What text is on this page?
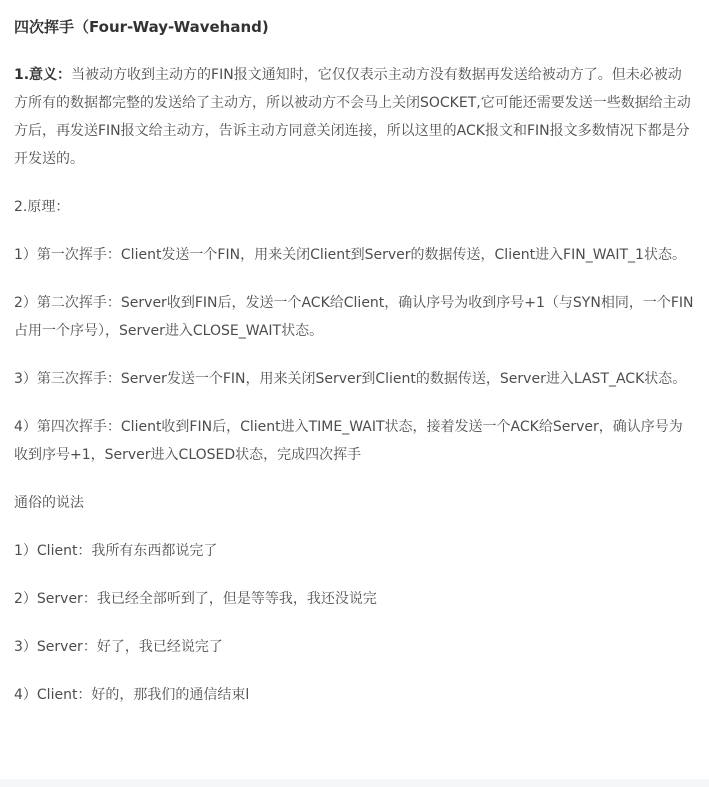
四次挥手（Four-Way-Wavehand)

1.意义：当被动方收到主动方的FIN报文通知时，它仅仅表示主动方没有数据再发送给被动方了。但未必被动方所有的数据都完整的发送给了主动方，所以被动方不会马上关闭SOCKET,它可能还需要发送一些数据给主动方后，再发送FIN报文给主动方，告诉主动方同意关闭连接，所以这里的ACK报文和FIN报文多数情况下都是分开发送的。

2.原理：

1）第一次挥手：Client发送一个FIN，用来关闭Client到Server的数据传送，Client进入FIN_WAIT_1状态。

2）第二次挥手：Server收到FIN后，发送一个ACK给Client，确认序号为收到序号+1（与SYN相同，一个FIN占用一个序号），Server进入CLOSE_WAIT状态。

3）第三次挥手：Server发送一个FIN，用来关闭Server到Client的数据传送，Server进入LAST_ACK状态。

4）第四次挥手：Client收到FIN后，Client进入TIME_WAIT状态，接着发送一个ACK给Server，确认序号为收到序号+1，Server进入CLOSED状态，完成四次挥手

通俗的说法

1）Client：我所有东西都说完了

2）Server：我已经全部听到了，但是等等我，我还没说完

3）Server：好了，我已经说完了

4）Client：好的，那我们的通信结束l
